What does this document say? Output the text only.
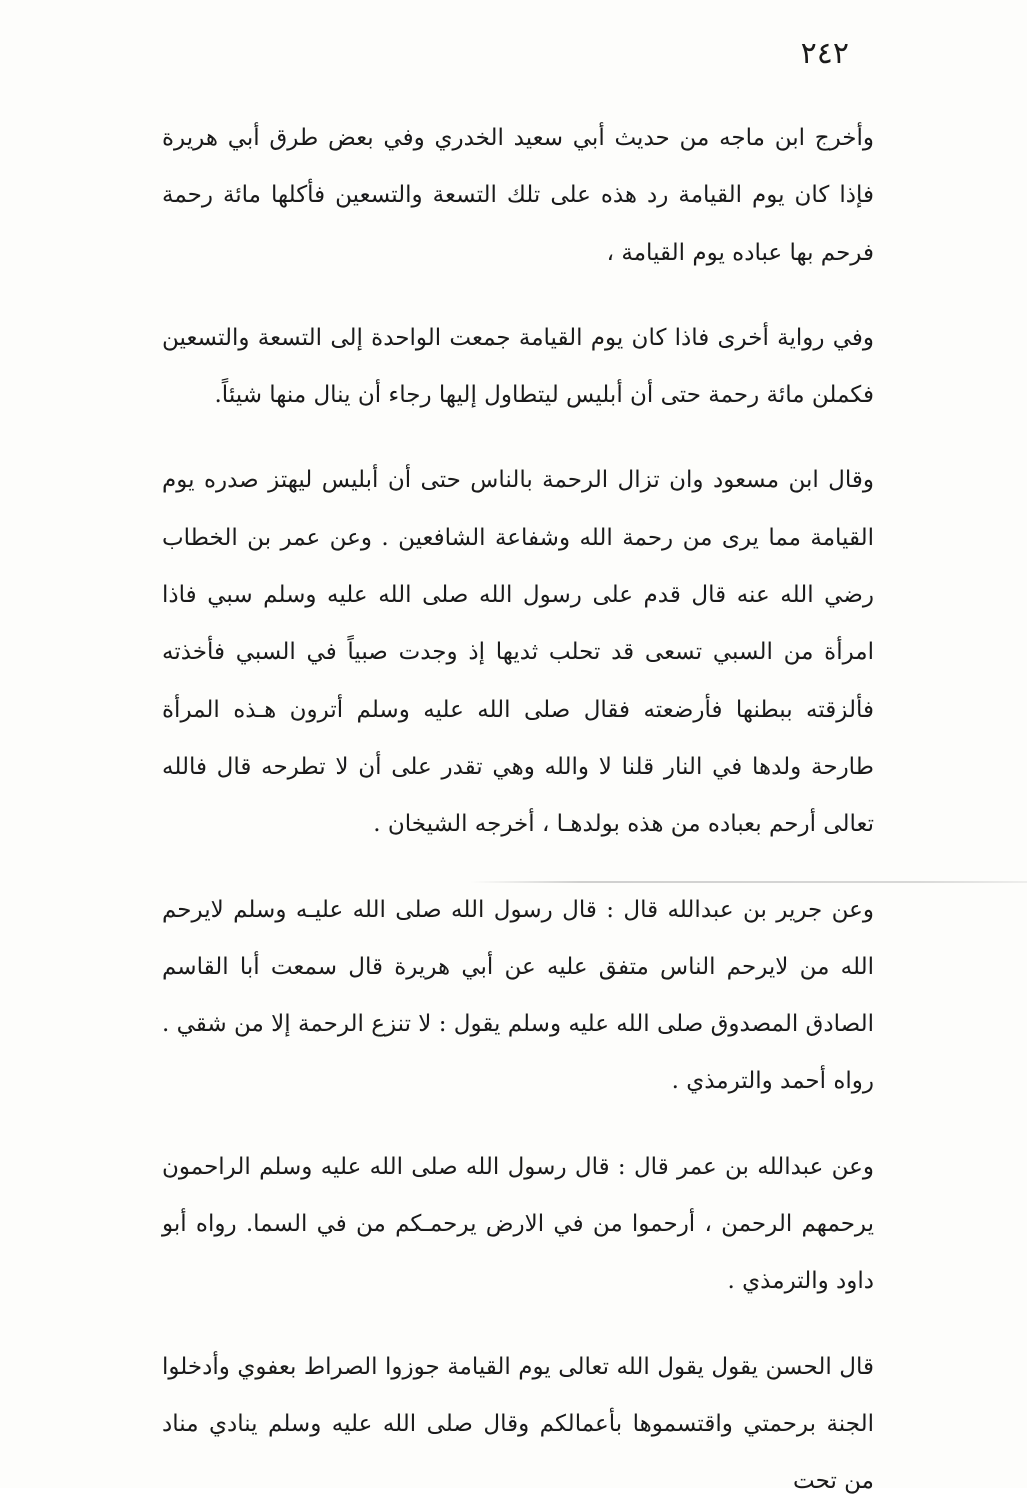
٢٤٢

وأخرج ابن ماجه من حديث أبي سعيد الخدري وفي بعض طرق أبي هريرة فإذا كان يوم القيامة رد هذه على تلك التسعة والتسعين فأكلها مائة رحمة فرحم بها عباده يوم القيامة ،

وفي رواية أخرى فاذا كان يوم القيامة جمعت الواحدة إلى التسعة والتسعين فكملن مائة رحمة حتى أن أبليس ليتطاول إليها رجاء أن ينال منها شيئاً.

وقال ابن مسعود وان تزال الرحمة بالناس حتى أن أبليس ليهتز صدره يوم القيامة مما يرى من رحمة الله وشفاعة الشافعين . وعن عمر بن الخطاب رضي الله عنه قال قدم على رسول الله صلى الله عليه وسلم سبي فاذا امرأة من السبي تسعى قد تحلب ثديها إذ وجدت صبياً في السبي فأخذته فألزقته ببطنها فأرضعته فقال صلى الله عليه وسلم أترون هـذه المرأة طارحة ولدها في النار قلنا لا والله وهي تقدر على أن لا تطرحه قال فالله تعالى أرحم بعباده من هذه بولدهـا ، أخرجه الشيخان .

وعن جرير بن عبدالله قال : قال رسول الله صلى الله عليـه وسلم لايرحم الله من لايرحم الناس متفق عليه عن أبي هريرة قال سمعت أبا القاسم الصادق المصدوق صلى الله عليه وسلم يقول : لا تنزع الرحمة إلا من شقي . رواه أحمد والترمذي .

وعن عبدالله بن عمر قال : قال رسول الله صلى الله عليه وسلم الراحمون يرحمهم الرحمن ، أرحموا من في الارض يرحمـكم من في السما. رواه أبو داود والترمذي .

قال الحسن يقول يقول الله تعالى يوم القيامة جوزوا الصراط بعفوي وأدخلوا الجنة برحمتي واقتسموها بأعمالكم وقال صلى الله عليه وسلم ينادي مناد من تحت
